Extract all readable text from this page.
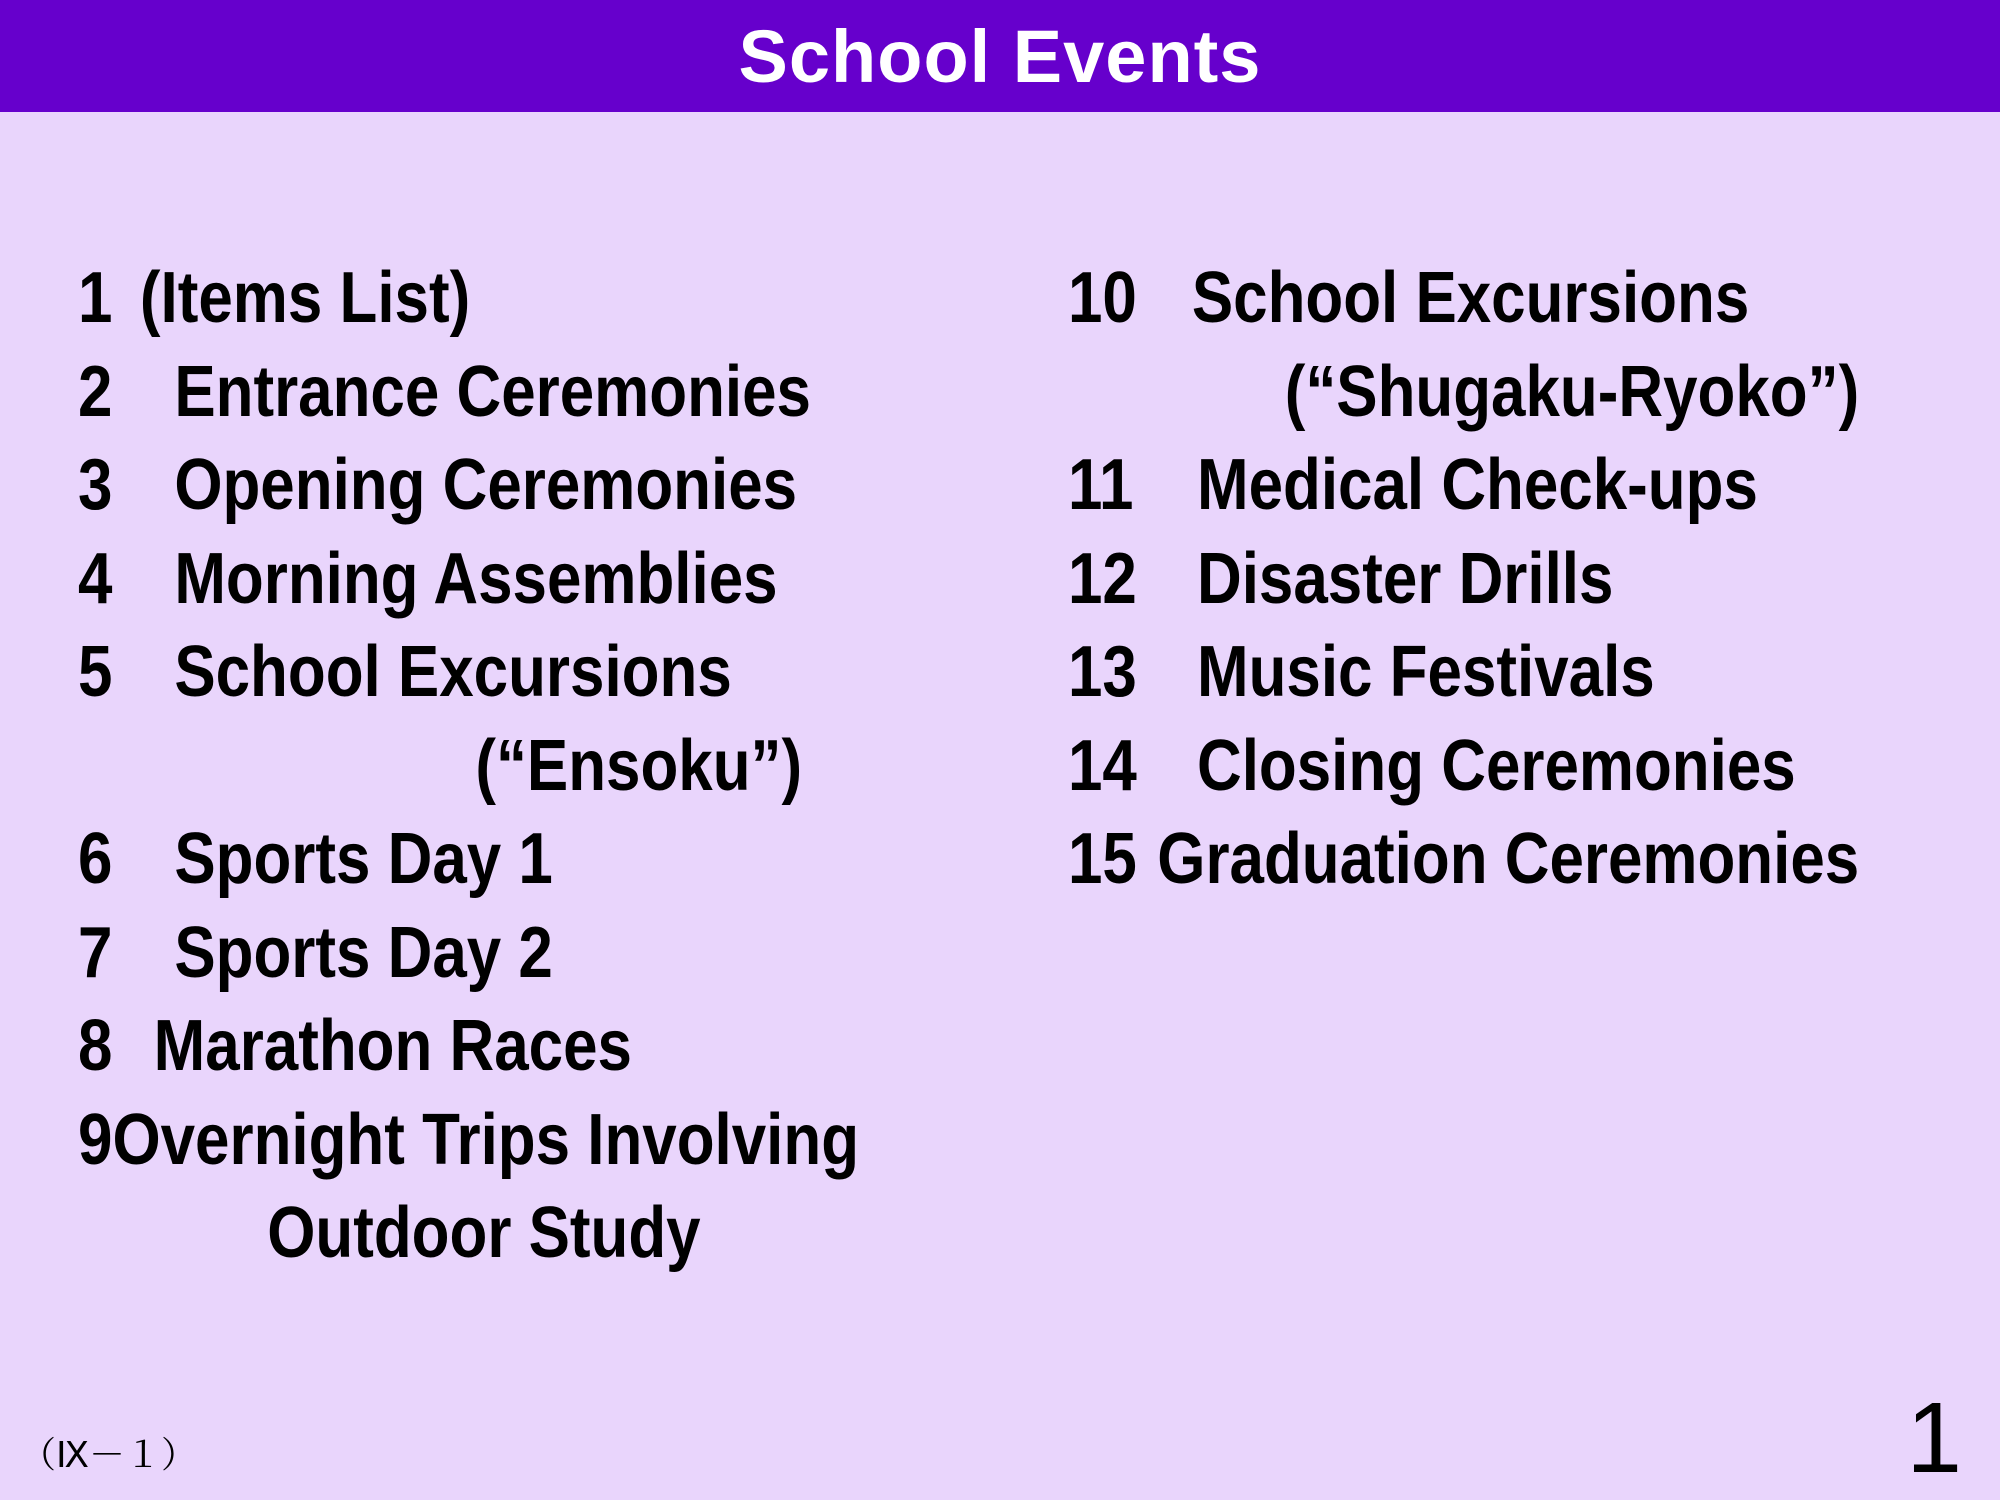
School Events
1 (Items List)
2 Entrance Ceremonies
3 Opening Ceremonies
4 Morning Assemblies
5 School Excursions
(“Ensoku”)
6 Sports Day 1
7 Sports Day 2
8 Marathon Races
9 Overnight Trips Involving
Outdoor Study
10 School Excursions
(“Shugaku-Ryoko”)
11 Medical Check-ups
12 Disaster Drills
13 Music Festivals
14 Closing Ceremonies
15 Graduation Ceremonies
（Ⅸ－１）	1
